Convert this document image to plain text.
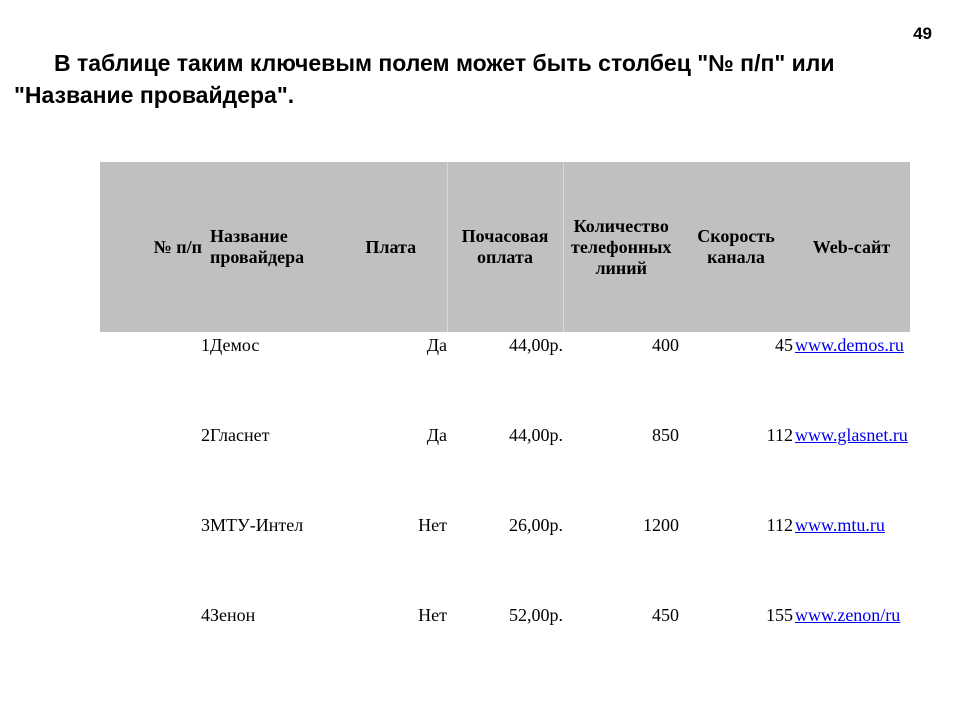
49

В таблице таким ключевым полем может быть столбец "№ п/п" или "Название провайдера".

№ п/п	Название провайдера	Плата	Почасовая оплата	Количество телефонных линий	Скорость канала	Web-сайт
1	Демос	Да	44,00р.	400	45	www.demos.ru
2	Гласнет	Да	44,00р.	850	112	www.glasnet.ru
3	МТУ-Интел	Нет	26,00р.	1200	112	www.mtu.ru
4	Зенон	Нет	52,00р.	450	155	www.zenon/ru
